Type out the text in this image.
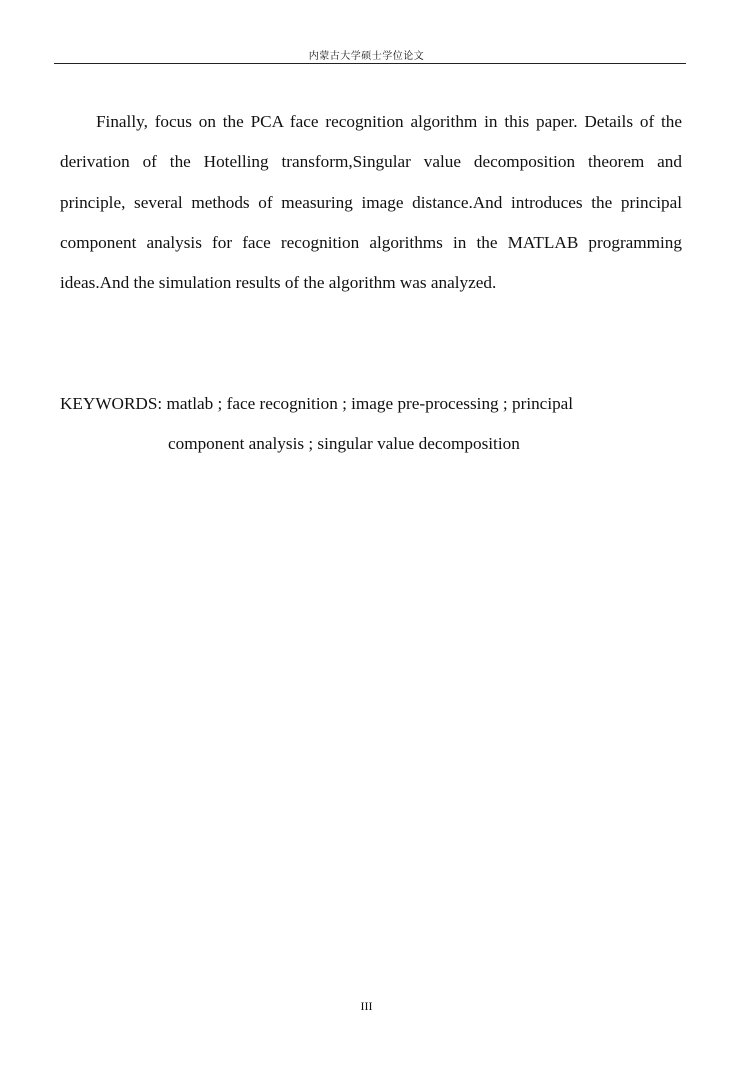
内蒙古大学硕士学位论文

Finally, focus on the PCA face recognition algorithm in this paper. Details of the derivation of the Hotelling transform,Singular value decomposition theorem and principle, several methods of measuring image distance.And introduces the principal component analysis for face recognition algorithms in the MATLAB programming ideas.And the simulation results of the algorithm was analyzed.

KEYWORDS: matlab ; face recognition ; image pre-processing ; principal
component analysis ; singular value decomposition

III
